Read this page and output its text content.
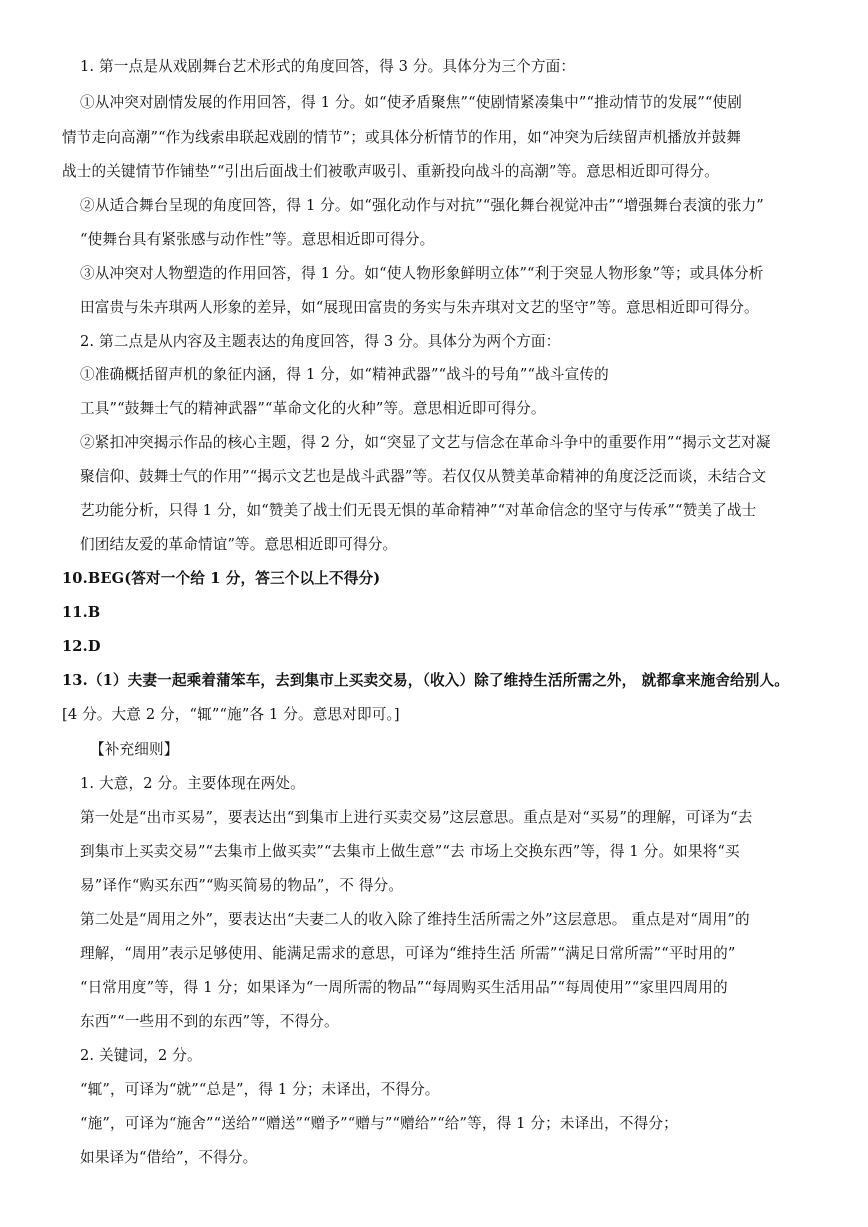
1. 第一点是从戏剧舞台艺术形式的角度回答，得 3 分。具体分为三个方面：
①从冲突对剧情发展的作用回答，得 1 分。如“使矛盾聚焦”“使剧情紧凑集中”“推动情节的发展”“使剧
情节走向高潮”“作为线索串联起戏剧的情节”；或具体分析情节的作用，如“冲突为后续留声机播放并鼓舞
战士的关键情节作铺垫”“引出后面战士们被歌声吸引、重新投向战斗的高潮”等。意思相近即可得分。
②从适合舞台呈现的角度回答，得 1 分。如“强化动作与对抗”“强化舞台视觉冲击”“增强舞台表演的张力”
“使舞台具有紧张感与动作性”等。意思相近即可得分。
③从冲突对人物塑造的作用回答，得 1 分。如“使人物形象鲜明立体”“利于突显人物形象”等；或具体分析
田富贵与朱卉琪两人形象的差异，如“展现田富贵的务实与朱卉琪对文艺的坚守”等。意思相近即可得分。
2. 第二点是从内容及主题表达的角度回答，得 3 分。具体分为两个方面：
①准确概括留声机的象征内涵，得 1 分，如“精神武器”“战斗的号角”“战斗宣传的
工具”“鼓舞士气的精神武器”“革命文化的火种”等。意思相近即可得分。
②紧扣冲突揭示作品的核心主题，得 2 分，如“突显了文艺与信念在革命斗争中的重要作用”“揭示文艺对凝
聚信仰、鼓舞士气的作用”“揭示文艺也是战斗武器”等。若仅仅从赞美革命精神的角度泛泛而谈，未结合文
艺功能分析，只得 1 分，如“赞美了战士们无畏无惧的革命精神”“对革命信念的坚守与传承”“赞美了战士
们团结友爱的革命情谊”等。意思相近即可得分。
10.BEG(答对一个给 1 分，答三个以上不得分)
11.B
12.D
13.（1）夫妻一起乘着蒲笨车，去到集市上买卖交易，（收入）除了维持生活所需之外， 就都拿来施舍给别人。
[4 分。大意 2 分，“辄”“施”各 1 分。意思对即可。]
【补充细则】
1. 大意，2 分。主要体现在两处。
第一处是“出市买易”，要表达出“到集市上进行买卖交易”这层意思。重点是对“买易”的理解，可译为“去
到集市上买卖交易”“去集市上做买卖”“去集市上做生意”“去 市场上交换东西”等，得 1 分。如果将“买
易”译作“购买东西”“购买简易的物品”，不 得分。
第二处是“周用之外”，要表达出“夫妻二人的收入除了维持生活所需之外”这层意思。 重点是对“周用”的
理解，“周用”表示足够使用、能满足需求的意思，可译为“维持生活 所需”“满足日常所需”“平时用的”
“日常用度”等，得 1 分；如果译为“一周所需的物品”“每周购买生活用品”“每周使用”“家里四周用的
东西”“一些用不到的东西”等，不得分。
2. 关键词，2 分。
“辄”，可译为“就”“总是”，得 1 分；未译出，不得分。
“施”，可译为“施舍”“送给”“赠送”“赠予”“赠与”“赠给”“给”等，得 1 分；未译出，不得分；
如果译为“借给”，不得分。
